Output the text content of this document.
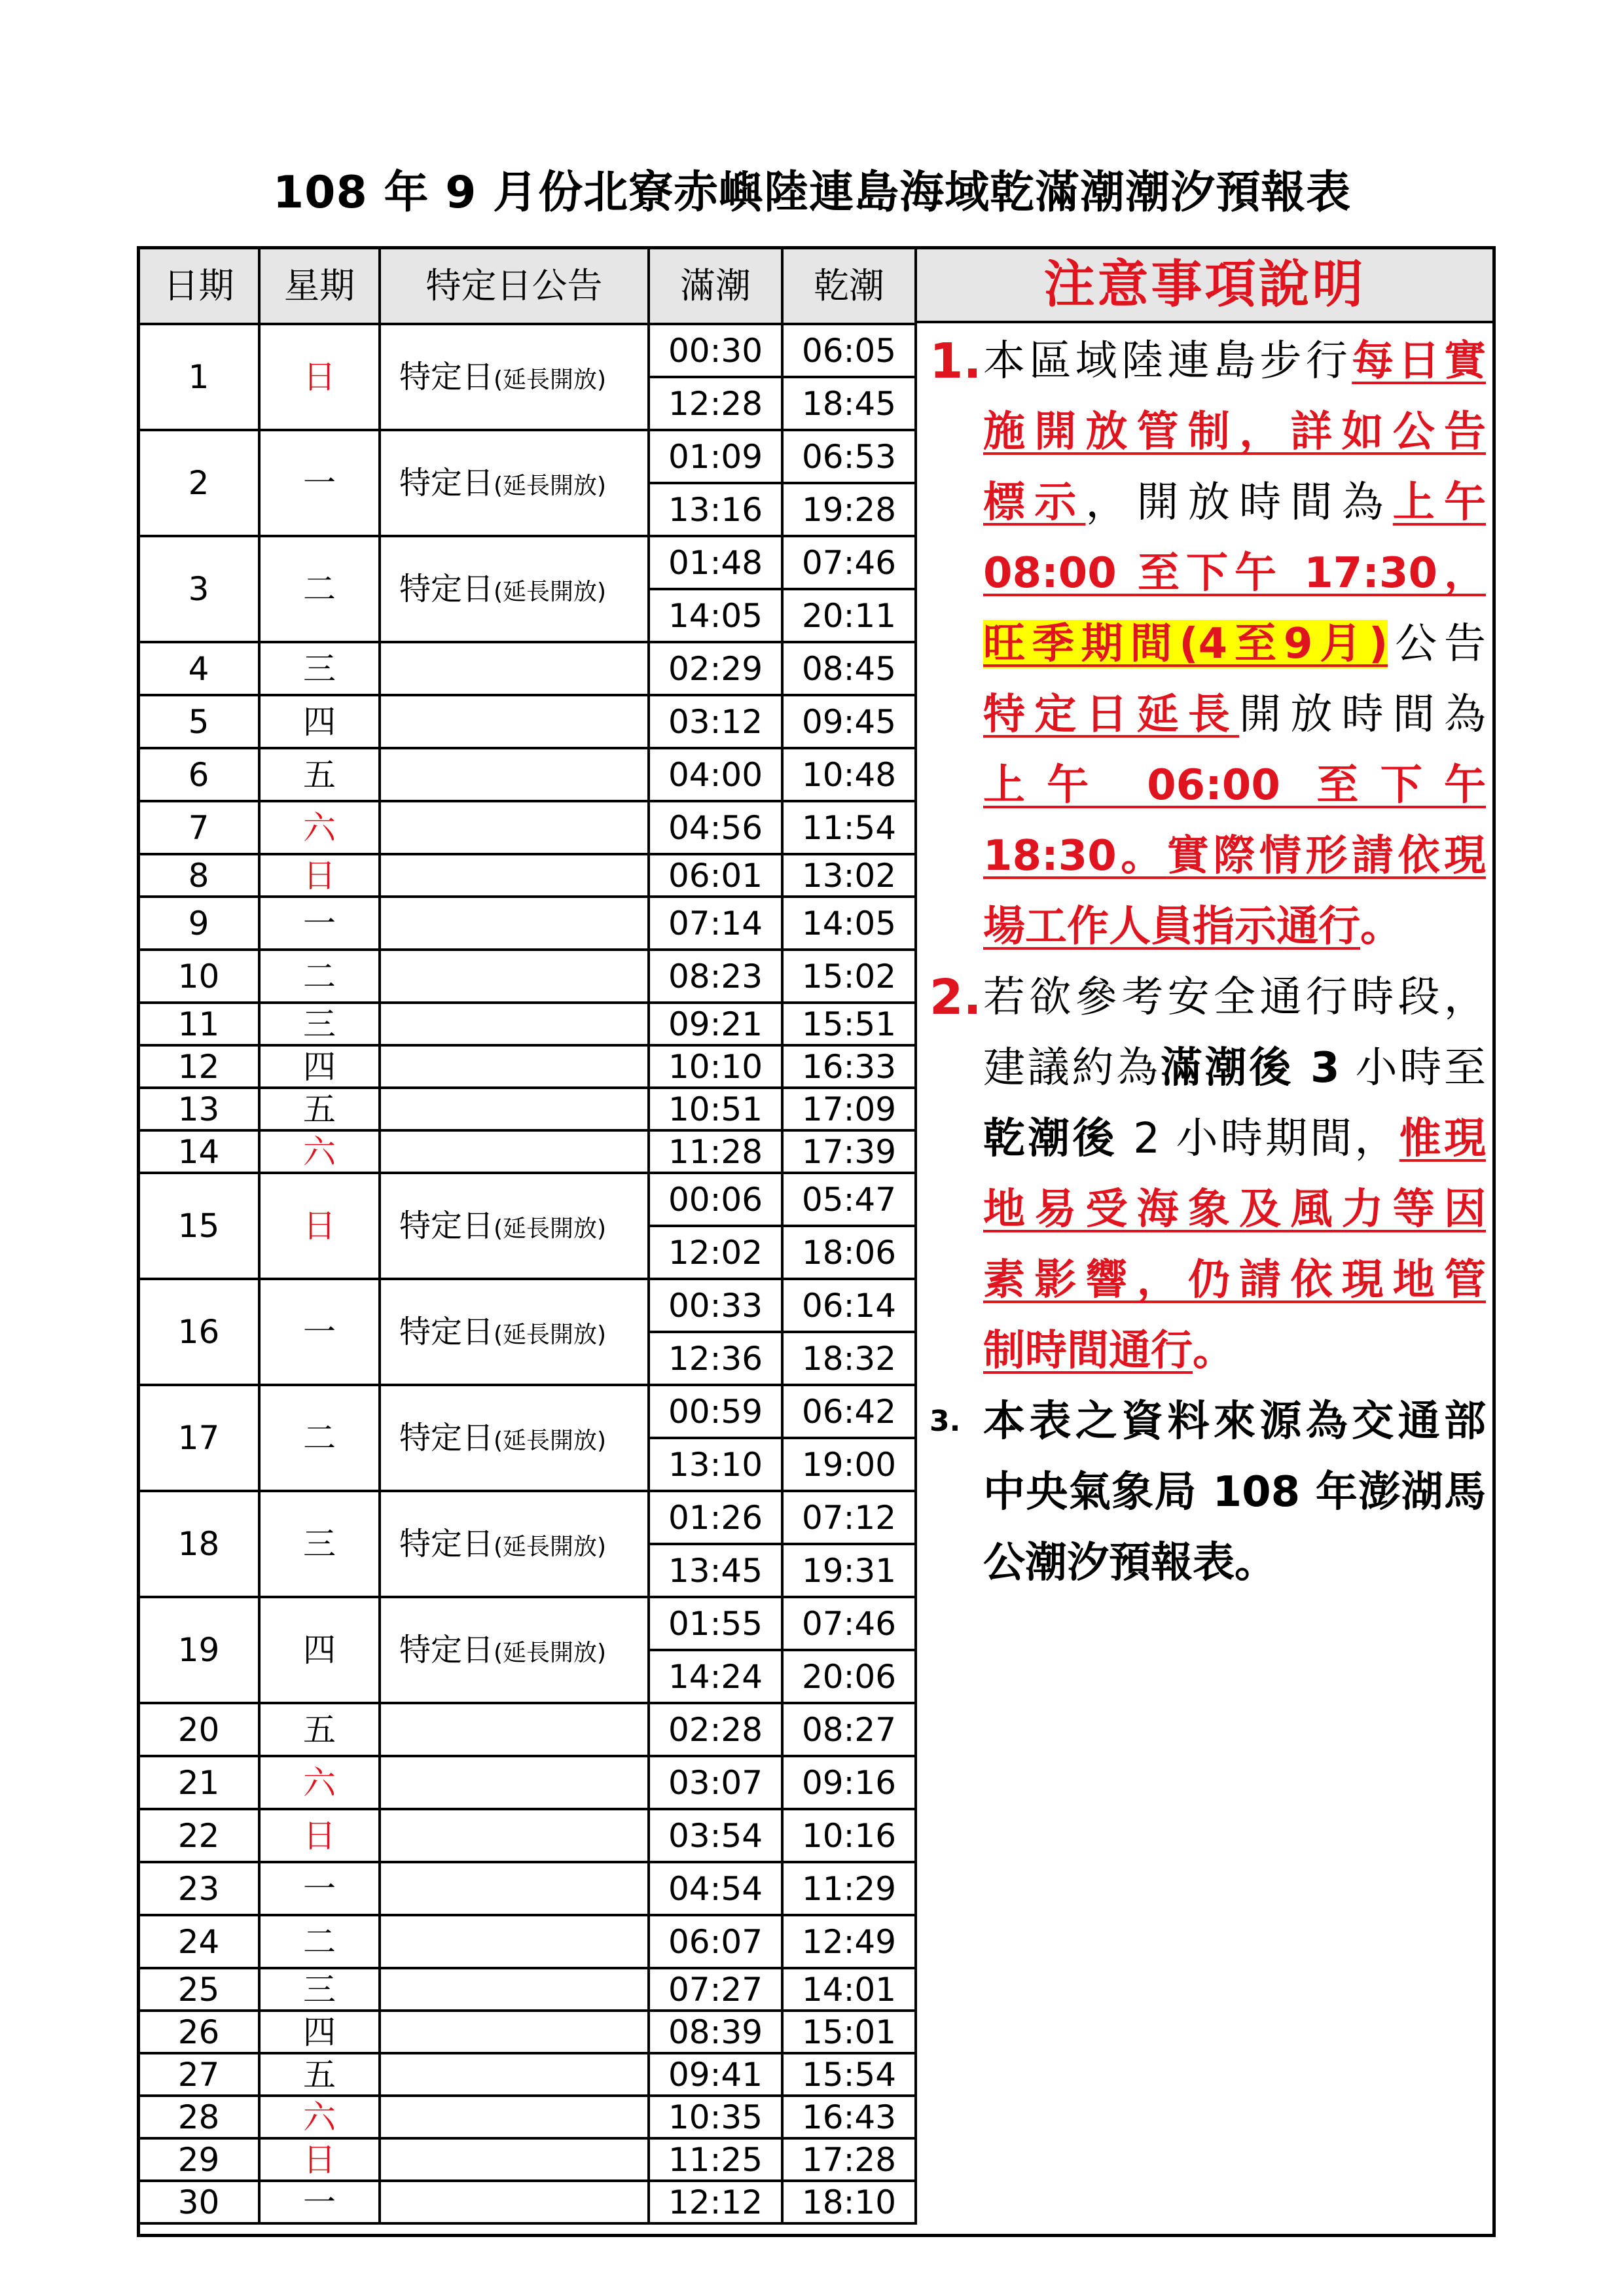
108 年 9 月份北寮赤嶼陸連島海域乾滿潮潮汐預報表
日期	星期	特定日公告	滿潮	乾潮
1	日	特定日(延長開放)	00:30	06:05
			12:28	18:45
2	一	特定日(延長開放)	01:09	06:53
			13:16	19:28
3	二	特定日(延長開放)	01:48	07:46
			14:05	20:11
4	三		02:29	08:45
5	四		03:12	09:45
6	五		04:00	10:48
7	六		04:56	11:54
8	日		06:01	13:02
9	一		07:14	14:05
10	二		08:23	15:02
11	三		09:21	15:51
12	四		10:10	16:33
13	五		10:51	17:09
14	六		11:28	17:39
15	日	特定日(延長開放)	00:06	05:47
			12:02	18:06
16	一	特定日(延長開放)	00:33	06:14
			12:36	18:32
17	二	特定日(延長開放)	00:59	06:42
			13:10	19:00
18	三	特定日(延長開放)	01:26	07:12
			13:45	19:31
19	四	特定日(延長開放)	01:55	07:46
			14:24	20:06
20	五		02:28	08:27
21	六		03:07	09:16
22	日		03:54	10:16
23	一		04:54	11:29
24	二		06:07	12:49
25	三		07:27	14:01
26	四		08:39	15:01
27	五		09:41	15:54
28	六		10:35	16:43
29	日		11:25	17:28
30	一		12:12	18:10
注意事項說明
1. 本區域陸連島步行每日實
施開放管制，詳如公告
標示，開放時間為上午
08:00 至下午 17:30，
旺季期間(4至9月)公告
特定日延長開放時間為
上午 06:00 至下午
18:30。實際情形請依現
場工作人員指示通行。
2. 若欲參考安全通行時段，
建議約為滿潮後 3 小時至
乾潮後 2 小時期間，惟現
地易受海象及風力等因
素影響，仍請依現地管
制時間通行。
3. 本表之資料來源為交通部
中央氣象局 108 年澎湖馬
公潮汐預報表。
